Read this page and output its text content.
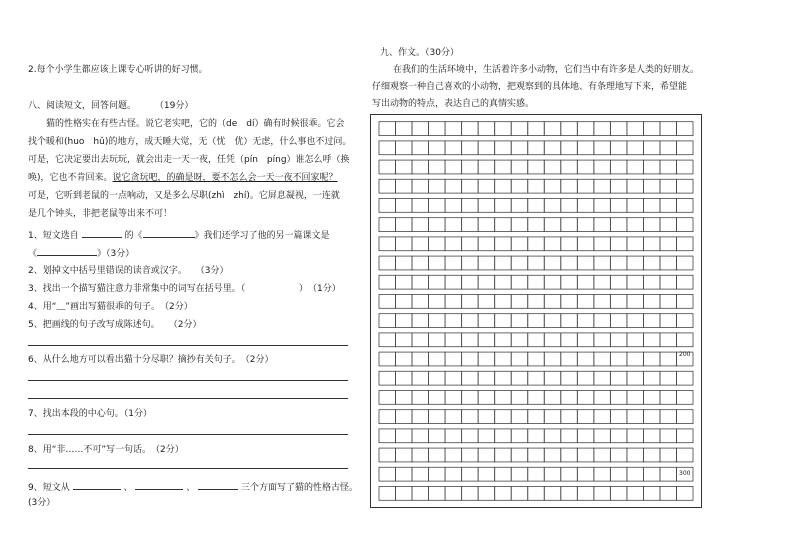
2.每个小学生都应该上课专心听讲的好习惯。
八、阅读短文，回答问题。 （19分）
猫的性格实在有些古怪。说它老实吧，它的（de　dí）确有时候很乖。它会
找个暖和(huo　hǔ)的地方，成天睡大觉，无（忧　优）无虑，什么事也不过问。
可是，它决定要出去玩玩，就会出走一天一夜，任凭（pín　píng）谁怎么呼（换
唤)，它也不肯回来。说它贪玩吧，的确是呀，要不怎么会一天一夜不回家呢？
可是，它听到老鼠的一点响动，又是多么尽职(zhì　zhí)。它屏息凝视，一连就
是几个钟头，非把老鼠等出来不可！
1、短文选自	的《	》我们还学习了他的另一篇课文是
《	》（3分）
2、划掉文中括号里错误的读音或汉字。　　（3分）
3、找出一个描写猫注意力非常集中的词写在括号里。（	）　（1分）
4、用“﹏”画出写猫很乖的句子。　（2分）
5、把画线的句子改写成陈述句。　　（2分）
6、从什么地方可以看出猫十分尽职？摘抄有关句子。　（2分）
7、找出本段的中心句。（1分）
8、用“非……不可”写一句话。　（2分）
9、短文从	、	、	三个方面写了猫的性格古怪。
(3分）
九、作文。（30分）
在我们的生活环境中，生活着许多小动物，它们当中有许多是人类的好朋友。
仔细观察一种自己喜欢的小动物，把观察到的具体地、有条理地写下来，希望能
写出动物的特点，表达自己的真情实感。
200
300
